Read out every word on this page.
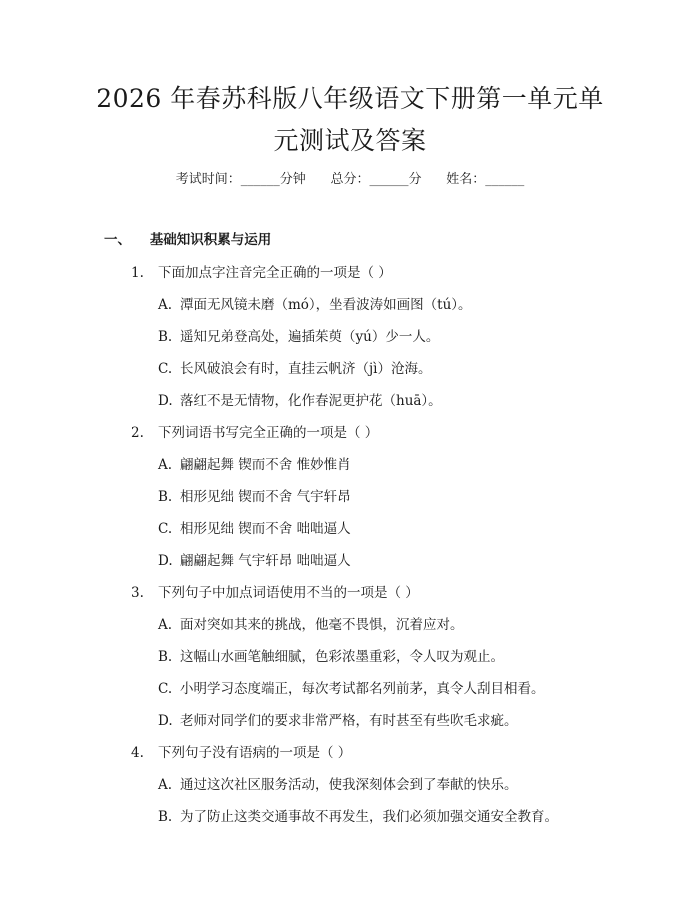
2026 年春苏科版八年级语文下册第一单元单
元测试及答案
考试时间：______分钟      总分：______分      姓名：______
一、 基础知识积累与运用
1. 下面加点字注音完全正确的一项是（ ）
A. 潭面无风镜未磨（mó），坐看波涛如画图（tú）。
B. 遥知兄弟登高处，遍插茱萸（yú）少一人。
C. 长风破浪会有时，直挂云帆济（jì）沧海。
D. 落红不是无情物，化作春泥更护花（huā）。
2. 下列词语书写完全正确的一项是（ ）
A. 翩翩起舞 锲而不舍 惟妙惟肖
B. 相形见绌 锲而不舍 气宇轩昂
C. 相形见绌 锲而不舍 咄咄逼人
D. 翩翩起舞 气宇轩昂 咄咄逼人
3. 下列句子中加点词语使用不当的一项是（ ）
A. 面对突如其来的挑战，他毫不畏惧，沉着应对。
B. 这幅山水画笔触细腻，色彩浓墨重彩，令人叹为观止。
C. 小明学习态度端正，每次考试都名列前茅，真令人刮目相看。
D. 老师对同学们的要求非常严格，有时甚至有些吹毛求疵。
4. 下列句子没有语病的一项是（ ）
A. 通过这次社区服务活动，使我深刻体会到了奉献的快乐。
B. 为了防止这类交通事故不再发生，我们必须加强交通安全教育。
